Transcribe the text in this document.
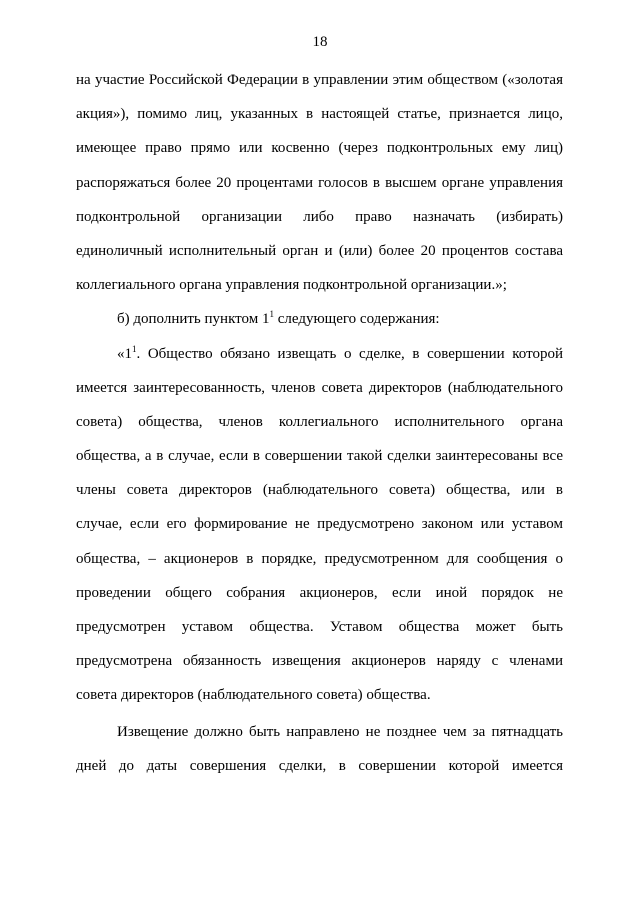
18
на участие Российской Федерации в управлении этим обществом («золотая
акция»), помимо лиц, указанных в настоящей статье, признается лицо,
имеющее право прямо или косвенно (через подконтрольных ему лиц)
распоряжаться более 20 процентами голосов в высшем органе управления
подконтрольной организации либо право назначать (избирать)
единоличный исполнительный орган и (или) более 20 процентов состава
коллегиального органа управления подконтрольной организации.»;
б) дополнить пунктом $1^1$ следующего содержания:
«$1^1$. Общество обязано извещать о сделке, в совершении которой
имеется заинтересованность, членов совета директоров (наблюдательного
совета) общества, членов коллегиального исполнительного органа
общества, а в случае, если в совершении такой сделки заинтересованы все
члены совета директоров (наблюдательного совета) общества, или в
случае, если его формирование не предусмотрено законом или уставом
общества, – акционеров в порядке, предусмотренном для сообщения о
проведении общего собрания акционеров, если иной порядок не
предусмотрен уставом общества. Уставом общества может быть
предусмотрена обязанность извещения акционеров наряду с членами
совета директоров (наблюдательного совета) общества.
Извещение должно быть направлено не позднее чем за пятнадцать
дней до даты совершения сделки, в совершении которой имеется
